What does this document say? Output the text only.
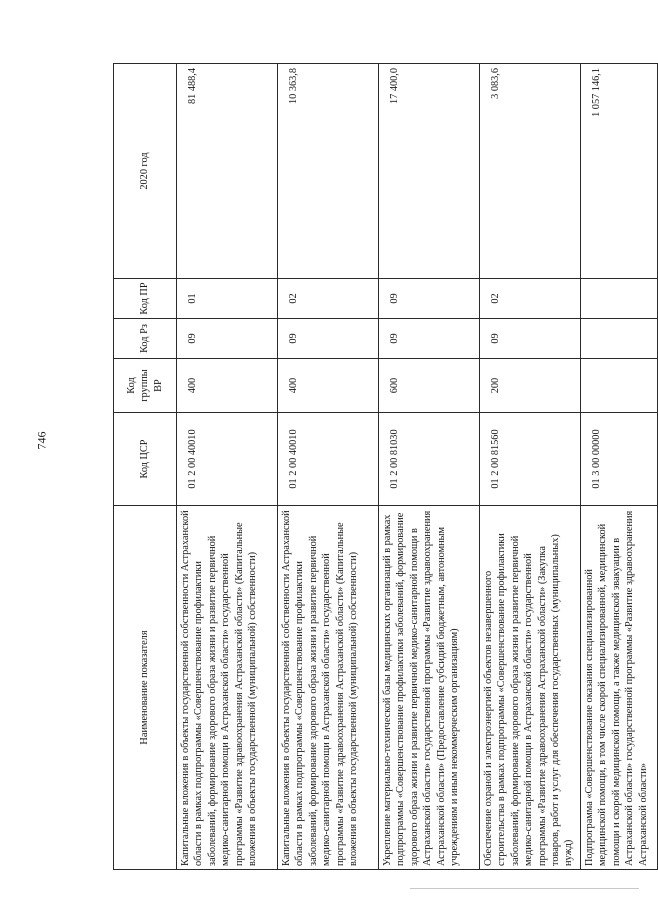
746
Наименование показателя	Код ЦСР	Код группы ВР	Код Рз	Код ПР	2020 год
Капитальные вложения в объекты государственной собственности Астраханской области в рамках подпрограммы «Совершенствование профилактики заболеваний, формирование здорового образа жизни и развитие первичной медико-санитарной помощи в Астраханской области» государственной программы «Развитие здравоохранения Астраханской области» (Капитальные вложения в объекты государственной (муниципальной) собственности)	01 2 00 40010	400	09	01	81 488,4
Капитальные вложения в объекты государственной собственности Астраханской области в рамках подпрограммы «Совершенствование профилактики заболеваний, формирование здорового образа жизни и развитие первичной медико-санитарной помощи в Астраханской области» государственной программы «Развитие здравоохранения Астраханской области» (Капитальные вложения в объекты государственной (муниципальной) собственности)	01 2 00 40010	400	09	02	10 363,8
Укрепление материально-технической базы медицинских организаций в рамках подпрограммы «Совершенствование профилактики заболеваний, формирование здорового образа жизни и развитие первичной медико-санитарной помощи в Астраханской области» государственной программы «Развитие здравоохранения Астраханской области» (Предоставление субсидий бюджетным, автономным учреждениям и иным некоммерческим организациям)	01 2 00 81030	600	09	09	17 400,0
Обеспечение охраной и электроэнергией объектов незавершенного строительства в рамках подпрограммы «Совершенствование профилактики заболеваний, формирование здорового образа жизни и развитие первичной медико-санитарной помощи в Астраханской области» государственной программы «Развитие здравоохранения Астраханской области» (Закупка товаров, работ и услуг для обеспечения государственных (муниципальных) нужд)	01 2 00 81560	200	09	02	3 083,6
Подпрограмма «Совершенствование оказания специализированной медицинской помощи, в том числе скорой специализированной, медицинской помощи и скорой медицинской помощи, а также медицинской эвакуации в Астраханской области» государственной программы «Развитие здравоохранения Астраханской области»	01 3 00 00000				1 057 146,1
